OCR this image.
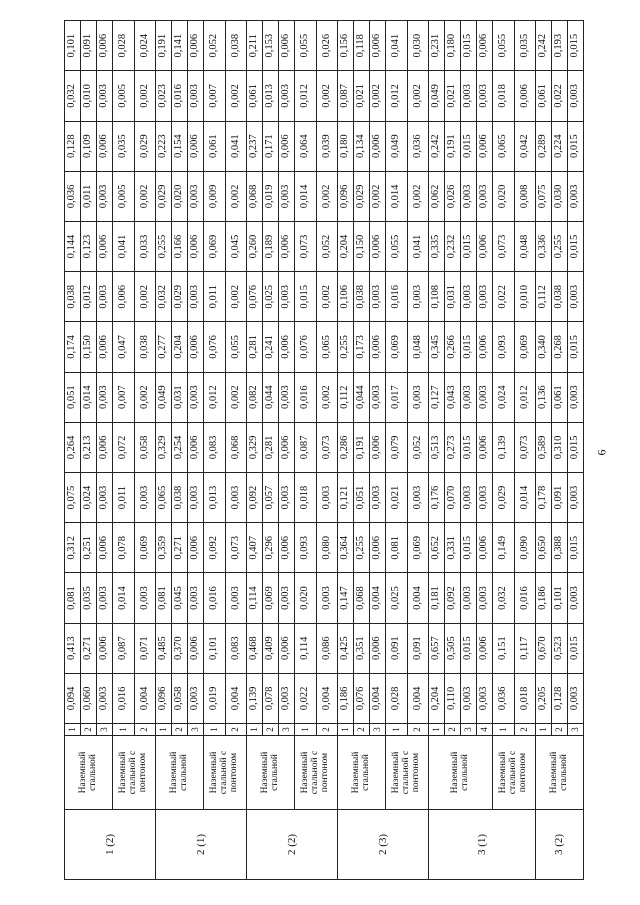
6
1 (2)	Наземный стальной	1	0,094	0,413	0,081	0,312	0,075	0,264	0,051	0,174	0,038	0,144	0,036	0,128	0,032	0,101
		2	0,060	0,271	0,035	0,251	0,024	0,213	0,014	0,150	0,012	0,123	0,011	0,109	0,010	0,091
		3	0,003	0,006	0,003	0,006	0,003	0,006	0,003	0,006	0,003	0,006	0,003	0,006	0,003	0,006
	Наземный стальной с понтоном	1	0,016	0,087	0,014	0,078	0,011	0,072	0,007	0,047	0,006	0,041	0,005	0,035	0,005	0,028
		2	0,004	0,071	0,003	0,069	0,003	0,058	0,002	0,038	0,002	0,033	0,002	0,029	0,002	0,024
2 (1)	Наземный стальной	1	0,096	0,485	0,081	0,359	0,065	0,329	0,049	0,277	0,032	0,255	0,029	0,223	0,023	0,191
		2	0,058	0,370	0,045	0,271	0,038	0,254	0,031	0,204	0,029	0,166	0,020	0,154	0,016	0,141
		3	0,003	0,006	0,003	0,006	0,003	0,006	0,003	0,006	0,003	0,006	0,003	0,006	0,003	0,006
	Наземный стальной с понтоном	1	0,019	0,101	0,016	0,092	0,013	0,083	0,012	0,076	0,011	0,069	0,009	0,061	0,007	0,052
		2	0,004	0,083	0,003	0,073	0,003	0,068	0,002	0,055	0,002	0,045	0,002	0,041	0,002	0,038
2 (2)	Наземный стальной	1	0,139	0,468	0,114	0,407	0,092	0,329	0,082	0,281	0,076	0,260	0,068	0,237	0,061	0,211
		2	0,078	0,409	0,069	0,296	0,057	0,281	0,044	0,241	0,025	0,189	0,019	0,171	0,013	0,153
		3	0,003	0,006	0,003	0,006	0,003	0,006	0,003	0,006	0,003	0,006	0,003	0,006	0,003	0,006
	Наземный стальной с понтоном	1	0,022	0,114	0,020	0,093	0,018	0,087	0,016	0,076	0,015	0,073	0,014	0,064	0,012	0,055
		2	0,004	0,086	0,003	0,080	0,003	0,073	0,002	0,065	0,002	0,052	0,002	0,039	0,002	0,026
2 (3)	Наземный стальной	1	0,186	0,425	0,147	0,364	0,121	0,286	0,112	0,255	0,106	0,204	0,096	0,180	0,087	0,156
		2	0,076	0,351	0,068	0,255	0,051	0,191	0,044	0,173	0,038	0,150	0,029	0,134	0,021	0,118
		3	0,004	0,006	0,004	0,006	0,003	0,006	0,003	0,006	0,003	0,006	0,002	0,006	0,002	0,006
	Наземный стальной с понтоном	1	0,028	0,091	0,025	0,081	0,021	0,079	0,017	0,069	0,016	0,055	0,014	0,049	0,012	0,041
		2	0,004	0,091	0,004	0,069	0,003	0,052	0,003	0,048	0,003	0,041	0,002	0,036	0,002	0,030
3 (1)	Наземный стальной	1	0,204	0,657	0,181	0,652	0,176	0,513	0,127	0,345	0,108	0,335	0,062	0,242	0,049	0,231
		2	0,110	0,505	0,092	0,331	0,070	0,273	0,043	0,266	0,031	0,232	0,026	0,191	0,021	0,180
		3	0,003	0,015	0,003	0,015	0,003	0,015	0,003	0,015	0,003	0,015	0,003	0,015	0,003	0,015
		4	0,003	0,006	0,003	0,006	0,003	0,006	0,003	0,006	0,003	0,006	0,003	0,006	0,003	0,006
	Наземный стальной с понтоном	1	0,036	0,151	0,032	0,149	0,029	0,139	0,024	0,093	0,022	0,073	0,020	0,065	0,018	0,055
		2	0,018	0,117	0,016	0,090	0,014	0,073	0,012	0,069	0,010	0,048	0,008	0,042	0,006	0,035
3 (2)	Наземный стальной	1	0,205	0,670	0,186	0,650	0,178	0,589	0,136	0,340	0,112	0,336	0,075	0,289	0,061	0,242
		2	0,128	0,523	0,101	0,388	0,091	0,310	0,061	0,268	0,038	0,255	0,030	0,224	0,022	0,193
		3	0,003	0,015	0,003	0,015	0,003	0,015	0,003	0,015	0,003	0,015	0,003	0,015	0,003	0,015
